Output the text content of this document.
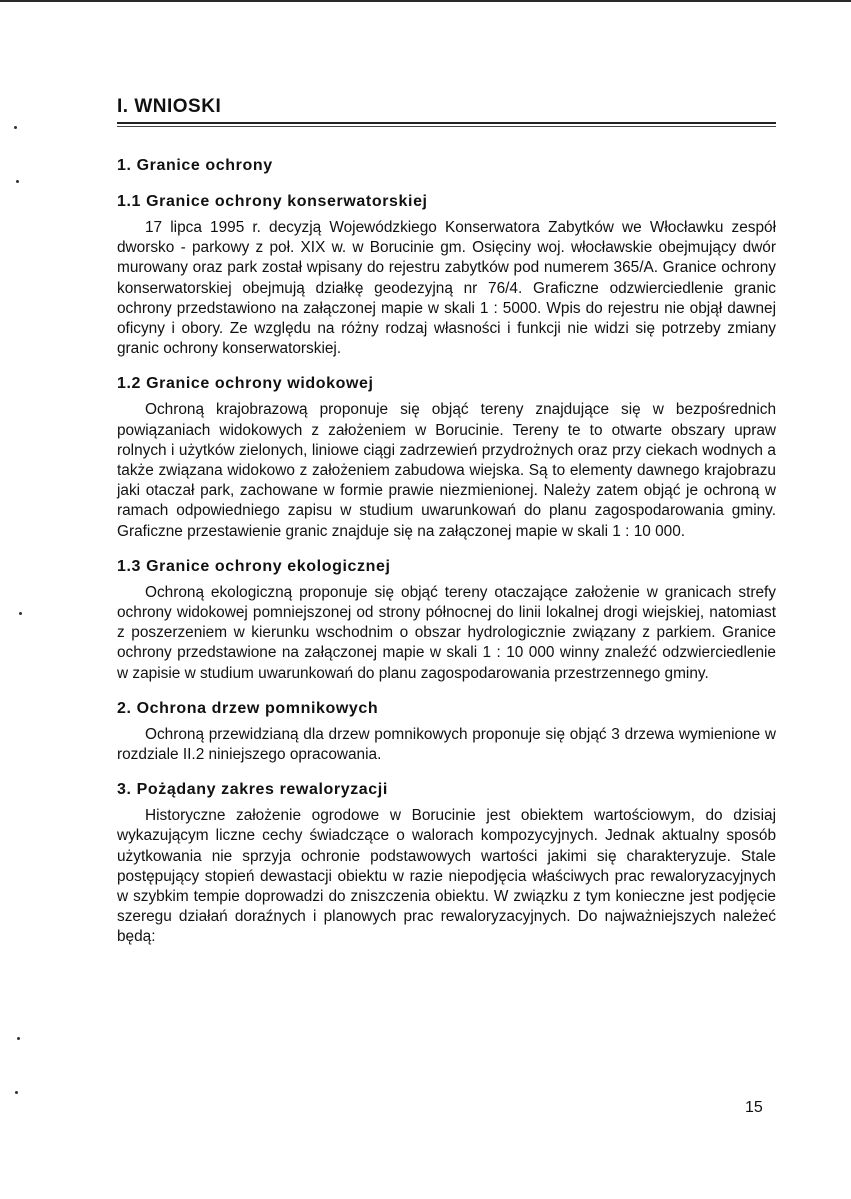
I. WNIOSKI
1. Granice ochrony
1.1 Granice ochrony konserwatorskiej

17 lipca 1995 r. decyzją Wojewódzkiego Konserwatora Zabytków we Włocławku zespół dworsko - parkowy z poł. XIX w. w Borucinie gm. Osięciny woj. włocławskie obejmujący dwór murowany oraz park został wpisany do rejestru zabytków pod numerem 365/A. Granice ochrony konserwatorskiej obejmują działkę geodezyjną nr 76/4. Graficzne odzwierciedlenie granic ochrony przedstawiono na załączonej mapie w skali 1 : 5000. Wpis do rejestru nie objął dawnej oficyny i obory. Ze względu na różny rodzaj własności i funkcji nie widzi się potrzeby zmiany granic ochrony konserwatorskiej.

1.2 Granice ochrony widokowej

Ochroną krajobrazową proponuje się objąć tereny znajdujące się w bezpośrednich powiązaniach widokowych z założeniem w Borucinie. Tereny te to otwarte obszary upraw rolnych i użytków zielonych, liniowe ciągi zadrzewień przydrożnych oraz przy ciekach wodnych a także związana widokowo z założeniem zabudowa wiejska. Są to elementy dawnego krajobrazu jaki otaczał park, zachowane w formie prawie niezmienionej. Należy zatem objąć je ochroną w ramach odpowiedniego zapisu w studium uwarunkowań do planu zagospodarowania gminy. Graficzne przestawienie granic znajduje się na załączonej mapie w skali 1 : 10 000.

1.3 Granice ochrony ekologicznej

Ochroną ekologiczną proponuje się objąć tereny otaczające założenie w granicach strefy ochrony widokowej pomniejszonej od strony północnej do linii lokalnej drogi wiejskiej, natomiast z poszerzeniem w kierunku wschodnim o obszar hydrologicznie związany z parkiem. Granice ochrony przedstawione na załączonej mapie w skali 1 : 10 000 winny znaleźć odzwierciedlenie w zapisie w studium uwarunkowań do planu zagospodarowania przestrzennego gminy.

2. Ochrona drzew pomnikowych

Ochroną przewidzianą dla drzew pomnikowych proponuje się objąć 3 drzewa wymienione w rozdziale II.2 niniejszego opracowania.

3. Pożądany zakres rewaloryzacji

Historyczne założenie ogrodowe w Borucinie jest obiektem wartościowym, do dzisiaj wykazującym liczne cechy świadczące o walorach kompozycyjnych. Jednak aktualny sposób użytkowania nie sprzyja ochronie podstawowych wartości jakimi się charakteryzuje. Stale postępujący stopień dewastacji obiektu w razie niepodjęcia właściwych prac rewaloryzacyjnych w szybkim tempie doprowadzi do zniszczenia obiektu. W związku z tym konieczne jest podjęcie szeregu działań doraźnych i planowych prac rewaloryzacyjnych. Do najważniejszych należeć będą:

15
